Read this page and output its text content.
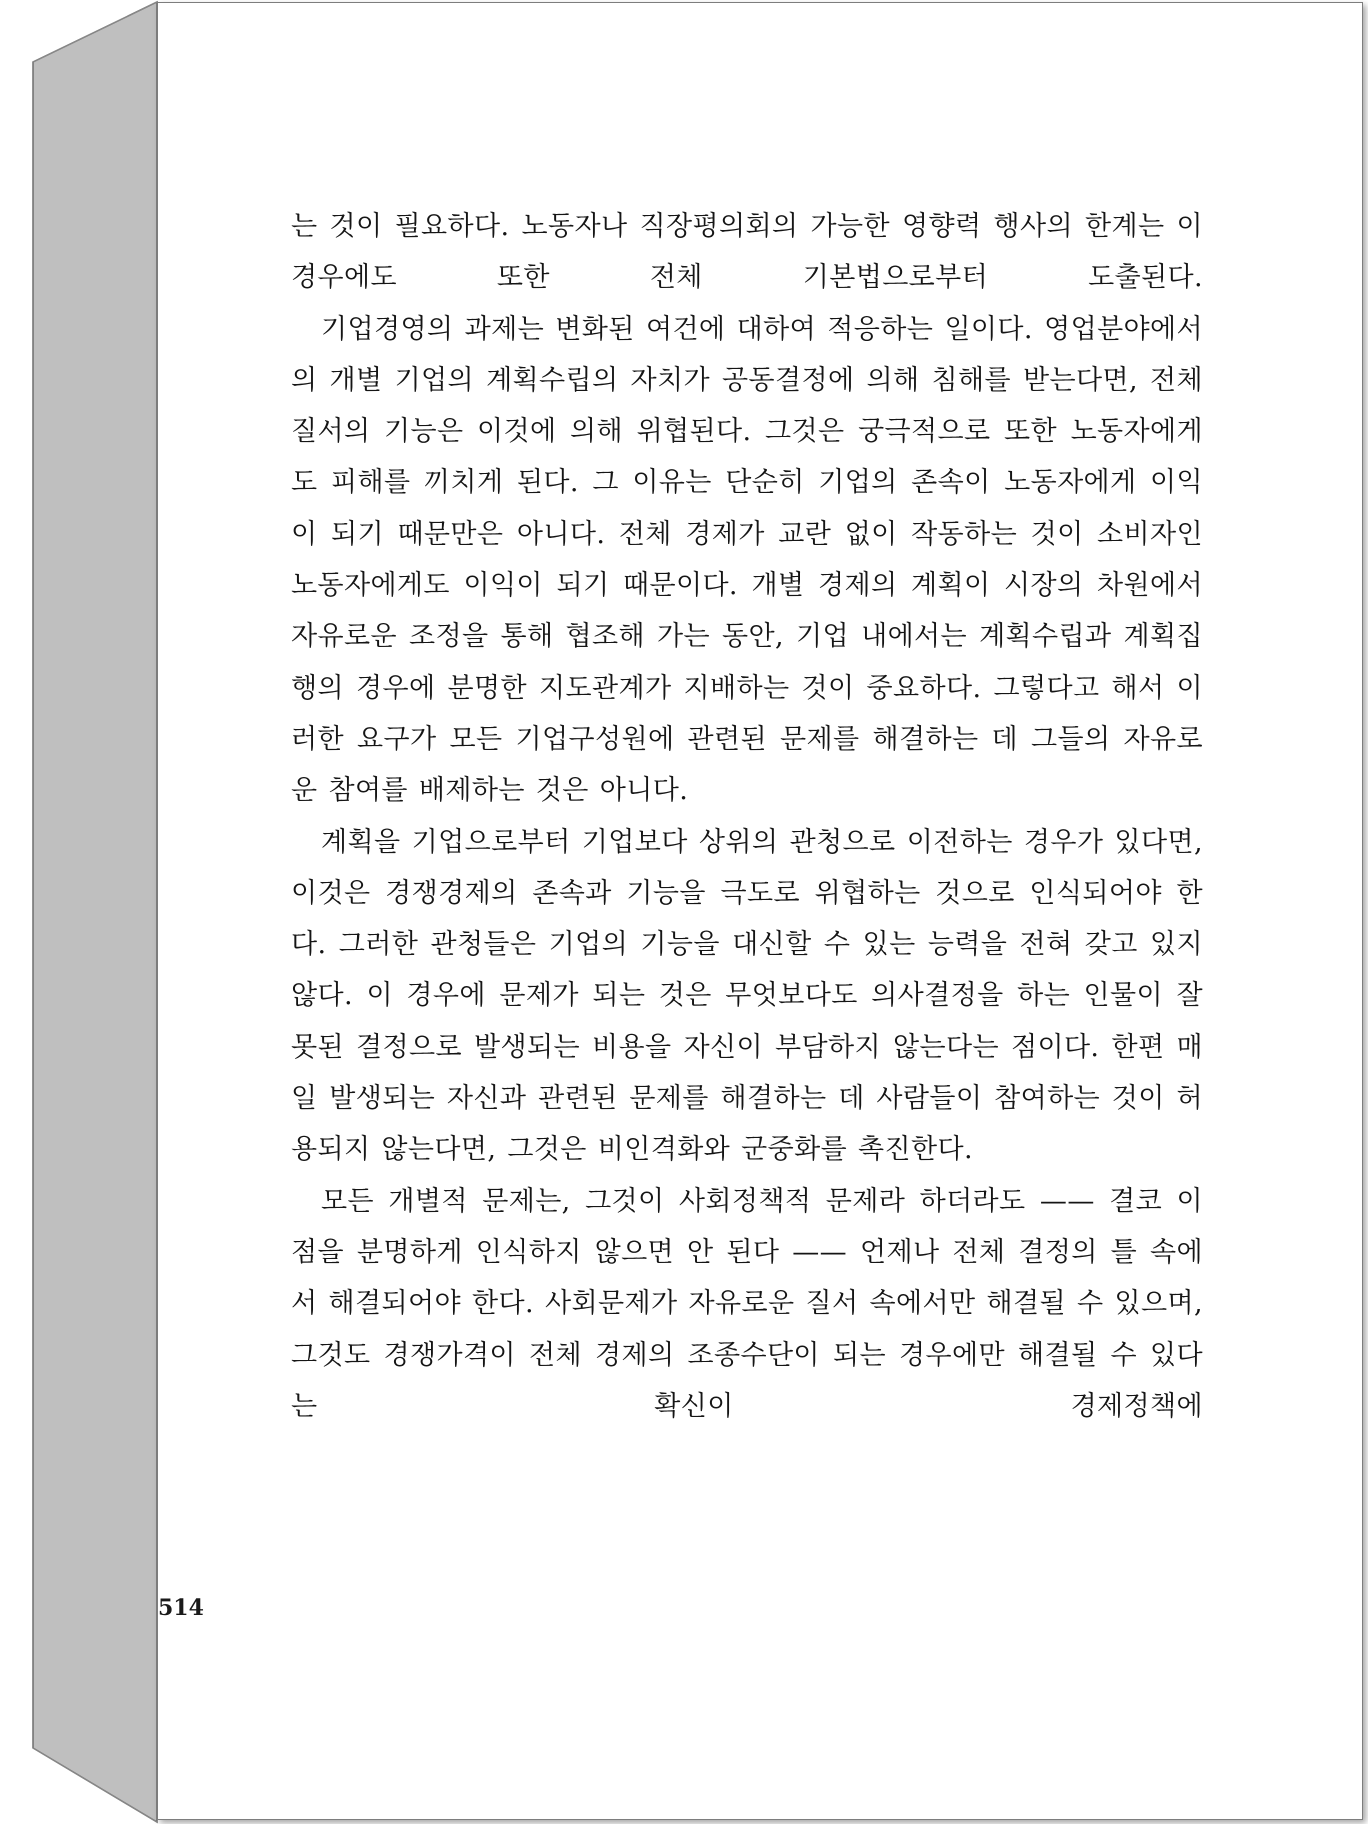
는 것이 필요하다. 노동자나 직장평의회의 가능한 영향력 행사의 한계는 이 경우에도 또한 전체 기본법으로부터 도출된다.

기업경영의 과제는 변화된 여건에 대하여 적응하는 일이다. 영업분야에서의 개별 기업의 계획수립의 자치가 공동결정에 의해 침해를 받는다면, 전체 질서의 기능은 이것에 의해 위협된다. 그것은 궁극적으로 또한 노동자에게도 피해를 끼치게 된다. 그 이유는 단순히 기업의 존속이 노동자에게 이익이 되기 때문만은 아니다. 전체 경제가 교란 없이 작동하는 것이 소비자인 노동자에게도 이익이 되기 때문이다. 개별 경제의 계획이 시장의 차원에서 자유로운 조정을 통해 협조해 가는 동안, 기업 내에서는 계획수립과 계획집행의 경우에 분명한 지도관계가 지배하는 것이 중요하다. 그렇다고 해서 이러한 요구가 모든 기업구성원에 관련된 문제를 해결하는 데 그들의 자유로운 참여를 배제하는 것은 아니다.

계획을 기업으로부터 기업보다 상위의 관청으로 이전하는 경우가 있다면, 이것은 경쟁경제의 존속과 기능을 극도로 위협하는 것으로 인식되어야 한다. 그러한 관청들은 기업의 기능을 대신할 수 있는 능력을 전혀 갖고 있지 않다. 이 경우에 문제가 되는 것은 무엇보다도 의사결정을 하는 인물이 잘못된 결정으로 발생되는 비용을 자신이 부담하지 않는다는 점이다. 한편 매일 발생되는 자신과 관련된 문제를 해결하는 데 사람들이 참여하는 것이 허용되지 않는다면, 그것은 비인격화와 군중화를 촉진한다.

모든 개별적 문제는, 그것이 사회정책적 문제라 하더라도 —— 결코 이 점을 분명하게 인식하지 않으면 안 된다 —— 언제나 전체 결정의 틀 속에서 해결되어야 한다. 사회문제가 자유로운 질서 속에서만 해결될 수 있으며, 그것도 경쟁가격이 전체 경제의 조종수단이 되는 경우에만 해결될 수 있다는 확신이 경제정책에

514
